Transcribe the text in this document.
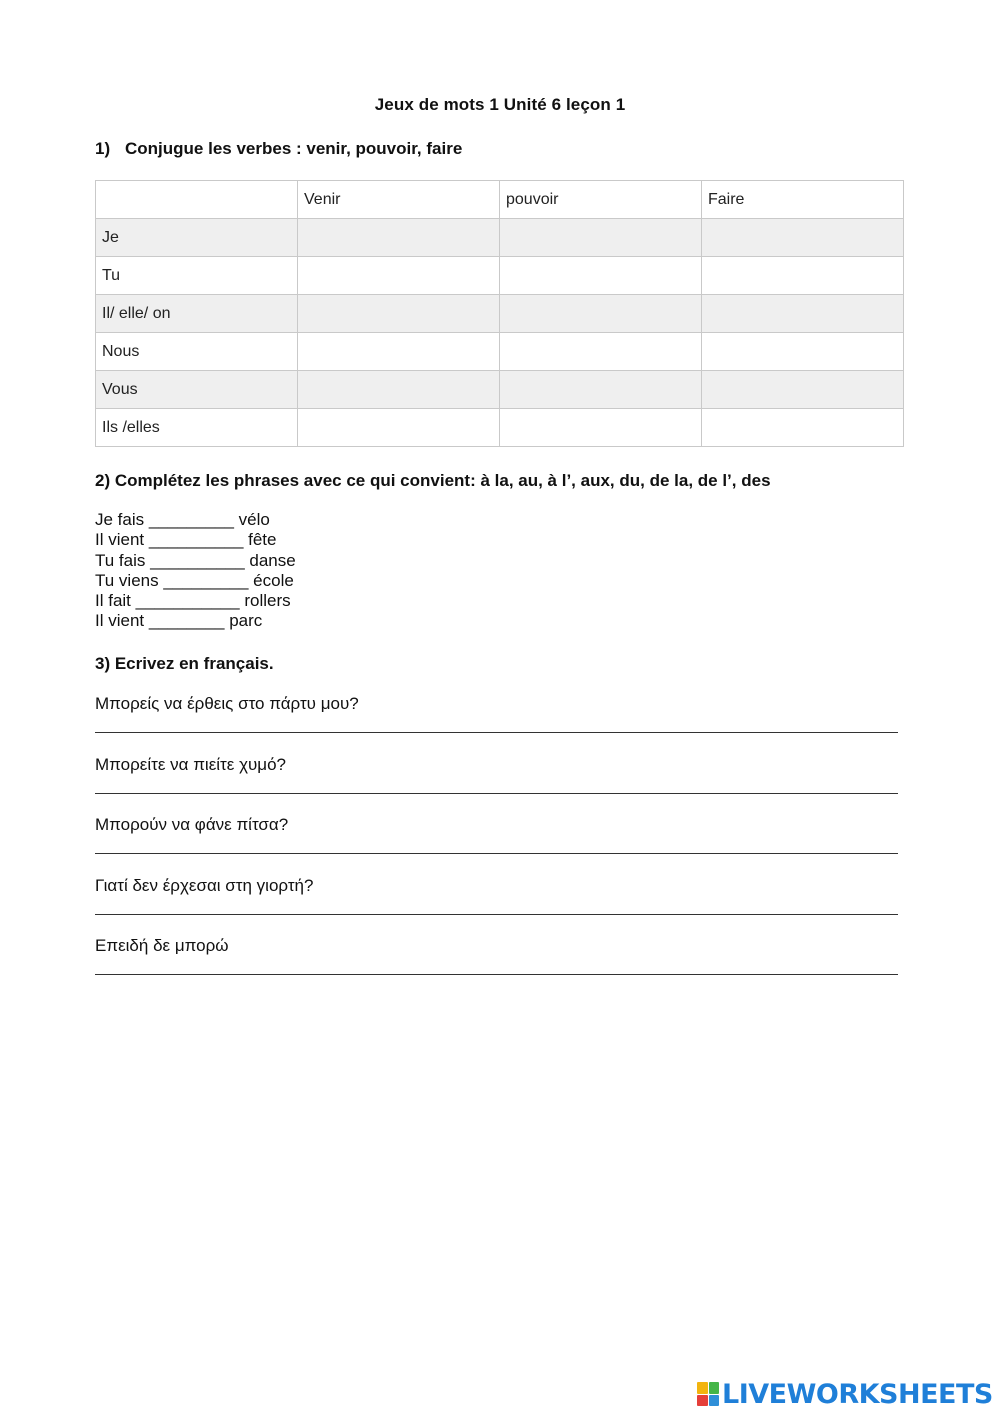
Jeux de mots 1 Unité 6 leçon 1
1) Conjugue les verbes : venir, pouvoir, faire
	Venir	pouvoir	Faire
Je			
Tu			
Il/ elle/ on			
Nous			
Vous			
Ils /elles			
2) Complétez les phrases avec ce qui convient: à la, au, à l’, aux, du, de la, de l’, des
Je fais _________ vélo
Il vient __________ fête
Tu fais __________ danse
Tu viens _________ école
Il fait ___________ rollers
Il vient ________ parc
3) Ecrivez en français.
Μπορείς να έρθεις στο πάρτυ μου?
Μπορείτε να πιείτε χυμό?
Μπορούν να φάνε πίτσα?
Γιατί δεν έρχεσαι στη γιορτή?
Επειδή δε μπορώ
LIVEWORKSHEETS
